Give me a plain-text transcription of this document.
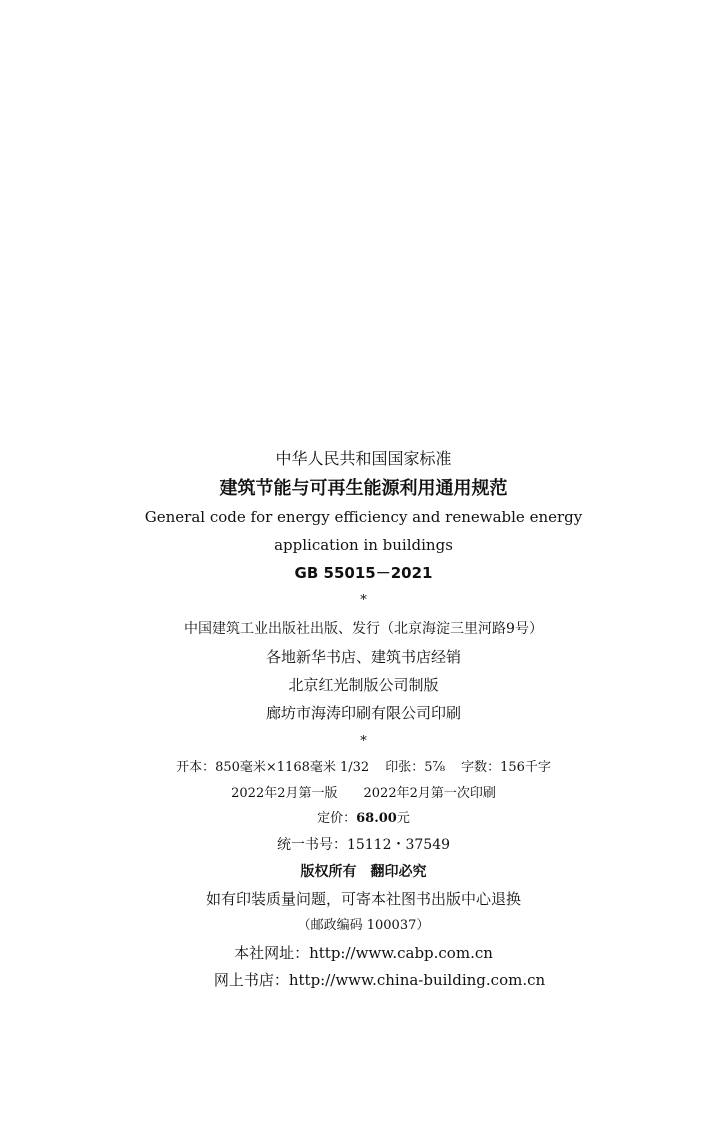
中华人民共和国国家标准
建筑节能与可再生能源利用通用规范
General code for energy efficiency and renewable energy
application in buildings
GB 55015－2021
*
中国建筑工业出版社出版、发行（北京海淀三里河路9号）
各地新华书店、建筑书店经销
北京红光制版公司制版
廊坊市海涛印刷有限公司印刷
*
开本：850毫米×1168毫米 1/32 印张：5⅞ 字数：156千字
2022年2月第一版 2022年2月第一次印刷
定价：68.00元
统一书号：15112・37549
版权所有　翻印必究
如有印装质量问题，可寄本社图书出版中心退换
（邮政编码 100037）
本社网址：http://www.cabp.com.cn
网上书店：http://www.china-building.com.cn
